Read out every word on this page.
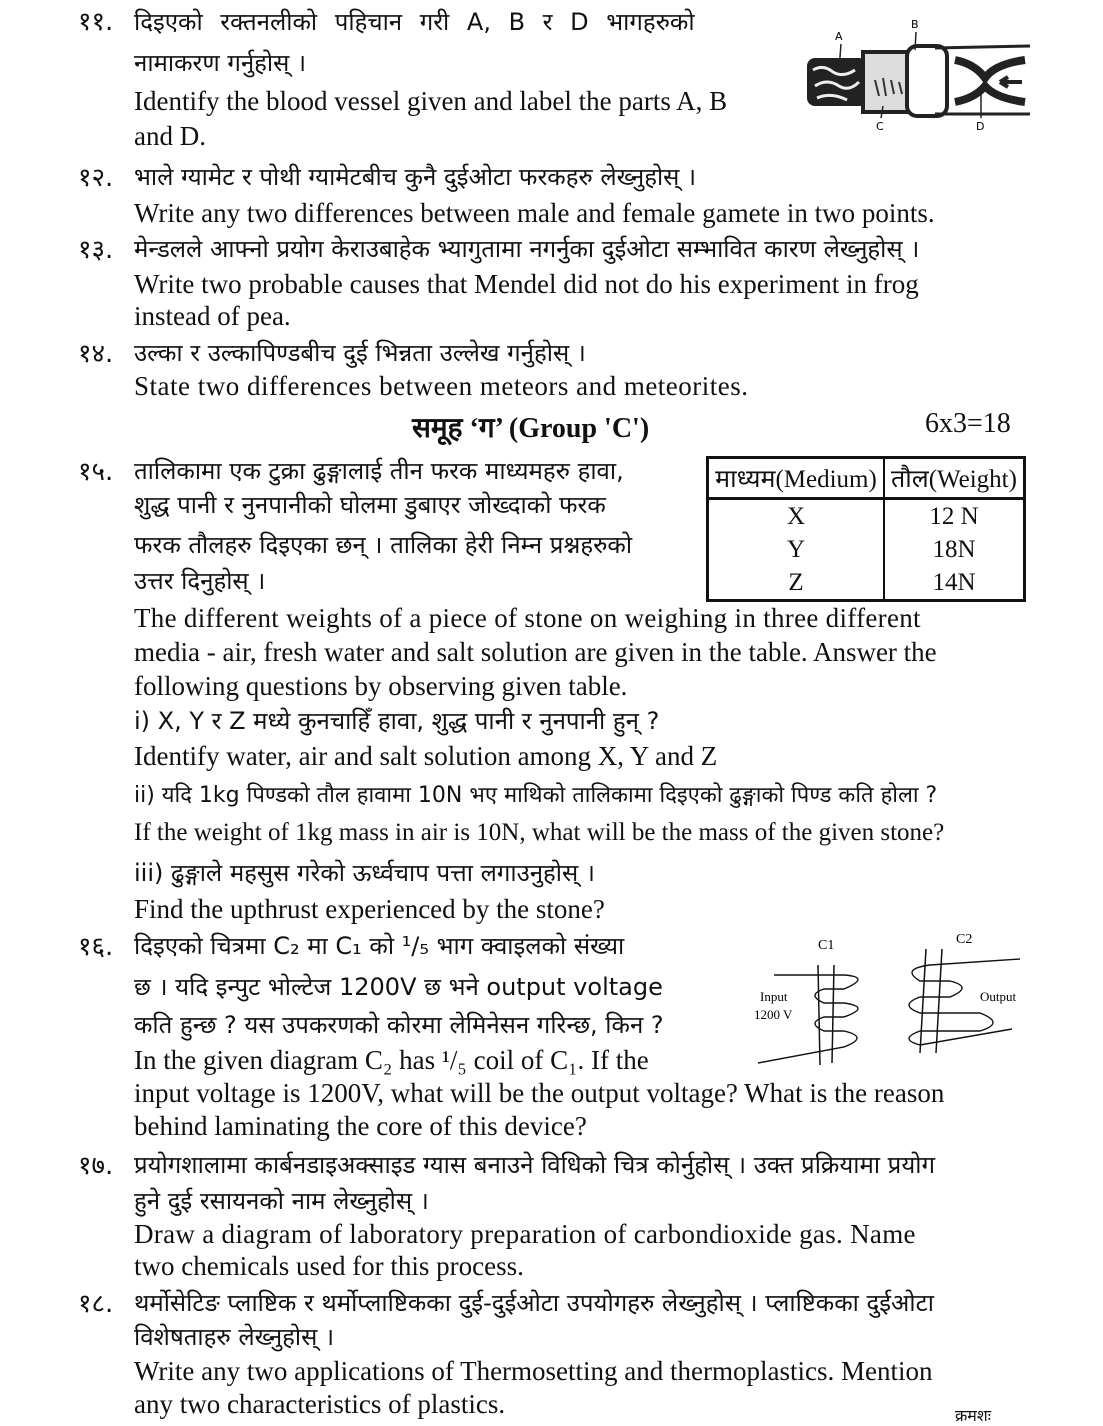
११. दिइएको रक्तनलीको पहिचान गरी A, B र D भागहरुको
नामाकरण गर्नुहोस् ।
Identify the blood vessel given and label the parts A, B
and D.
A
B
C	D
१२. भाले ग्यामेट र पोथी ग्यामेटबीच कुनै दुईओटा फरकहरु लेख्नुहोस् ।
Write any two differences between male and female gamete in two points.
१३. मेन्डलले आफ्नो प्रयोग केराउबाहेक भ्यागुतामा नगर्नुका दुईओटा सम्भावित कारण लेख्नुहोस् ।
Write two probable causes that Mendel did not do his experiment in frog
instead of pea.
१४. उल्का र उल्कापिण्डबीच दुई भिन्नता उल्लेख गर्नुहोस् ।
State two differences between meteors and meteorites.
समूह ‘ग’ (Group 'C')	6x3=18
१५. तालिकामा एक टुक्रा ढुङ्गालाई तीन फरक माध्यमहरु हावा,
शुद्ध पानी र नुनपानीको घोलमा डुबाएर जोख्दाको फरक
फरक तौलहरु दिइएका छन् । तालिका हेरी निम्न प्रश्नहरुको
उत्तर दिनुहोस् ।
माध्यम(Medium)	तौल(Weight)
X	12 N
Y	18N
Z	14N
The different weights of a piece of stone on weighing in three different
media - air, fresh water and salt solution are given in the table. Answer the
following questions by observing given table.
i) X, Y र Z मध्ये कुनचाहिँ हावा, शुद्ध पानी र नुनपानी हुन् ?
Identify water, air and salt solution among X, Y and Z
ii) यदि 1kg पिण्डको तौल हावामा 10N भए माथिको तालिकामा दिइएको ढुङ्गाको पिण्ड कति होला ?
If the weight of 1kg mass in air is 10N, what will be the mass of the given stone?
iii) ढुङ्गाले महसुस गरेको ऊर्ध्वचाप पत्ता लगाउनुहोस् ।
Find the upthrust experienced by the stone?
१६. दिइएको चित्रमा C₂ मा C₁ को ¹/₅ भाग क्वाइलको संख्या
छ । यदि इन्पुट भोल्टेज 1200V छ भने output voltage
कति हुन्छ ? यस उपकरणको कोरमा लेमिनेसन गरिन्छ, किन ?
In the given diagram C₂ has ¹/₅ coil of C₁. If the
input voltage is 1200V, what will be the output voltage? What is the reason
behind laminating the core of this device?
C1	C2
Input
1200 V
Output
१७. प्रयोगशालामा कार्बनडाइअक्साइड ग्यास बनाउने विधिको चित्र कोर्नुहोस् । उक्त प्रक्रियामा प्रयोग
हुने दुई रसायनको नाम लेख्नुहोस् ।
Draw a diagram of laboratory preparation of carbondioxide gas. Name
two chemicals used for this process.
१८. थर्मोसेटिङ प्लाष्टिक र थर्मोप्लाष्टिकका दुई-दुईओटा उपयोगहरु लेख्नुहोस् । प्लाष्टिकका दुईओटा
विशेषताहरु लेख्नुहोस् ।
Write any two applications of Thermosetting and thermoplastics. Mention
any two characteristics of plastics.	क्रमशः
